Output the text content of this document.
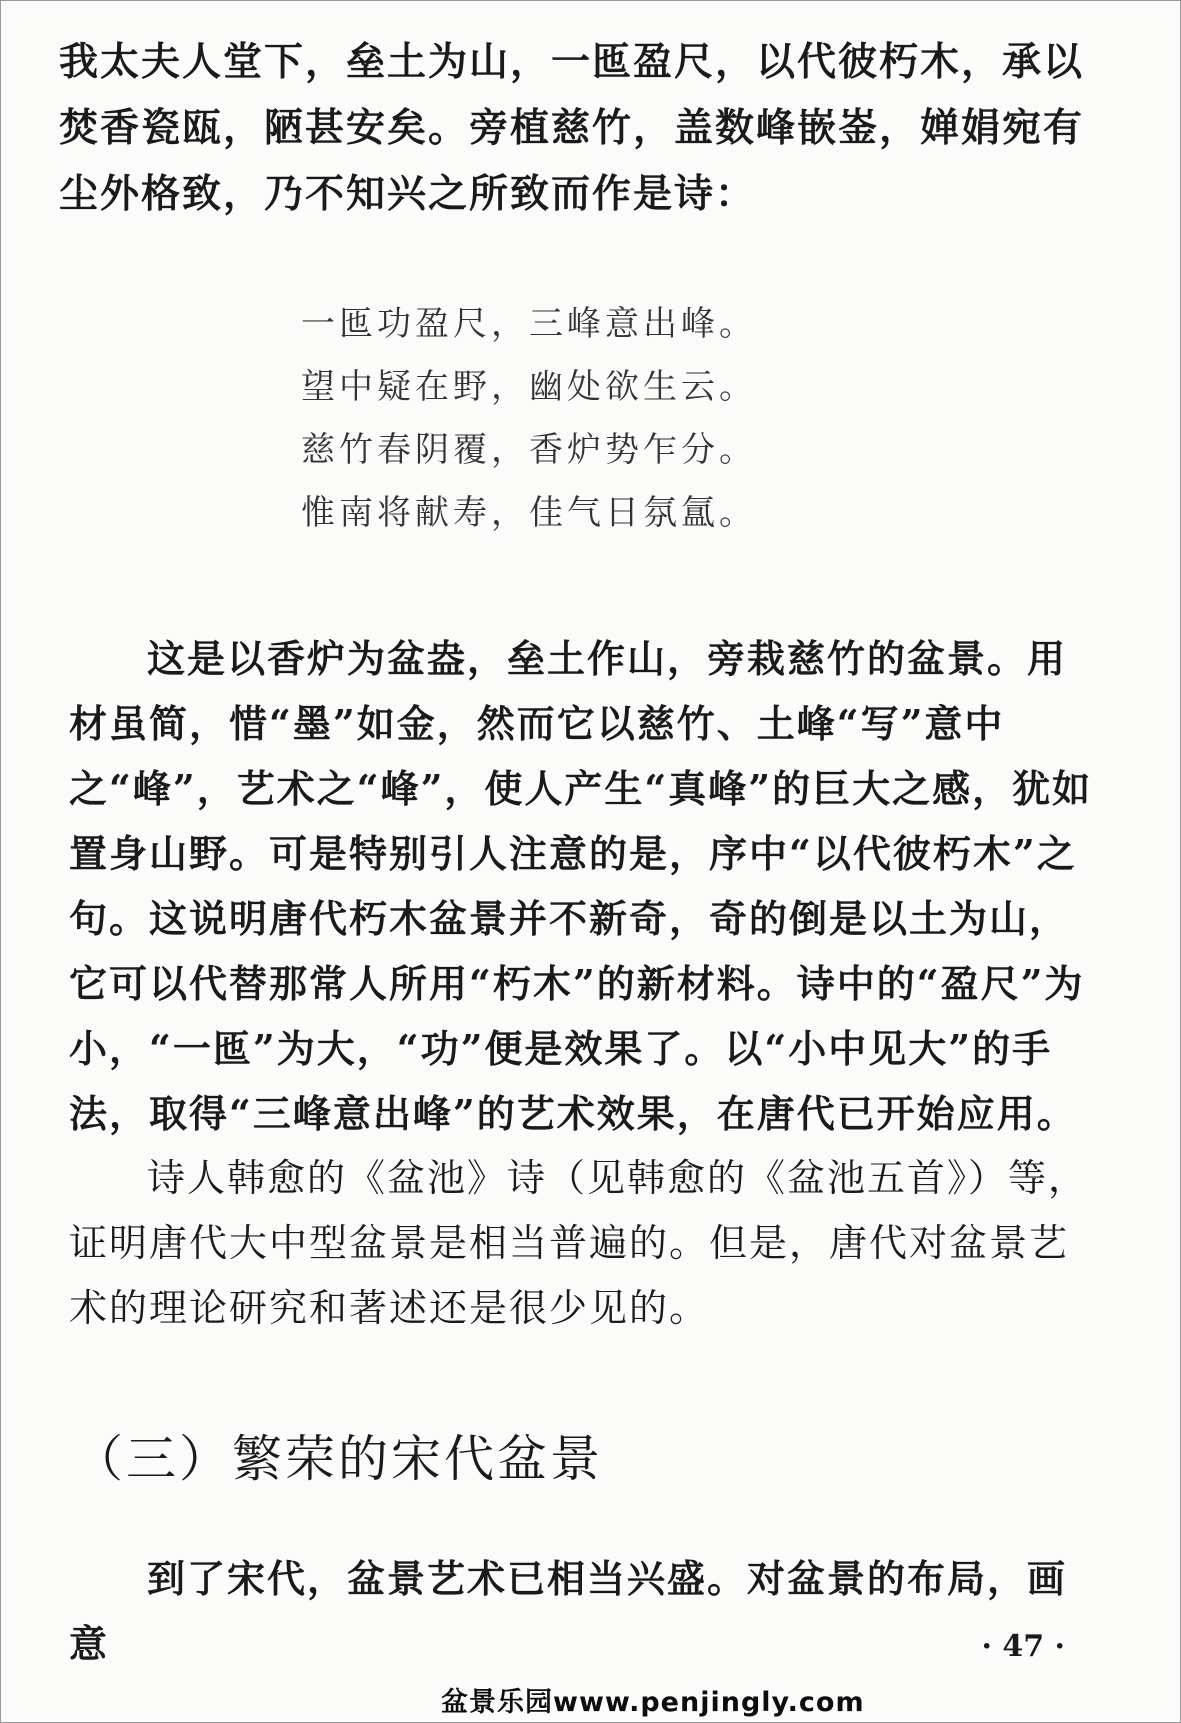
我太夫人堂下，垒土为山，一匜盈尺，以代彼朽木，承以焚香瓷瓯，陋甚安矣。旁植慈竹，盖数峰嵌崟，婵娟宛有尘外格致，乃不知兴之所致而作是诗：

一匜功盈尺，三峰意出峰。
望中疑在野，幽处欲生云。
慈竹春阴覆，香炉势乍分。
惟南将献寿，佳气日氛氲。

这是以香炉为盆盎，垒土作山，旁栽慈竹的盆景。用材虽简，惜“墨”如金，然而它以慈竹、土峰“写”意中之“峰”，艺术之“峰”，使人产生“真峰”的巨大之感，犹如置身山野。可是特别引人注意的是，序中“以代彼朽木”之句。这说明唐代朽木盆景并不新奇，奇的倒是以土为山，它可以代替那常人所用“朽木”的新材料。诗中的“盈尺”为小，“一匜”为大，“功”便是效果了。以“小中见大”的手法，取得“三峰意出峰”的艺术效果，在唐代已开始应用。

诗人韩愈的《盆池》诗（见韩愈的《盆池五首》）等，证明唐代大中型盆景是相当普遍的。但是，唐代对盆景艺术的理论研究和著述还是很少见的。

（三）繁荣的宋代盆景

到了宋代，盆景艺术已相当兴盛。对盆景的布局，画意	· 47 ·
盆景乐园www.penjingly.com
